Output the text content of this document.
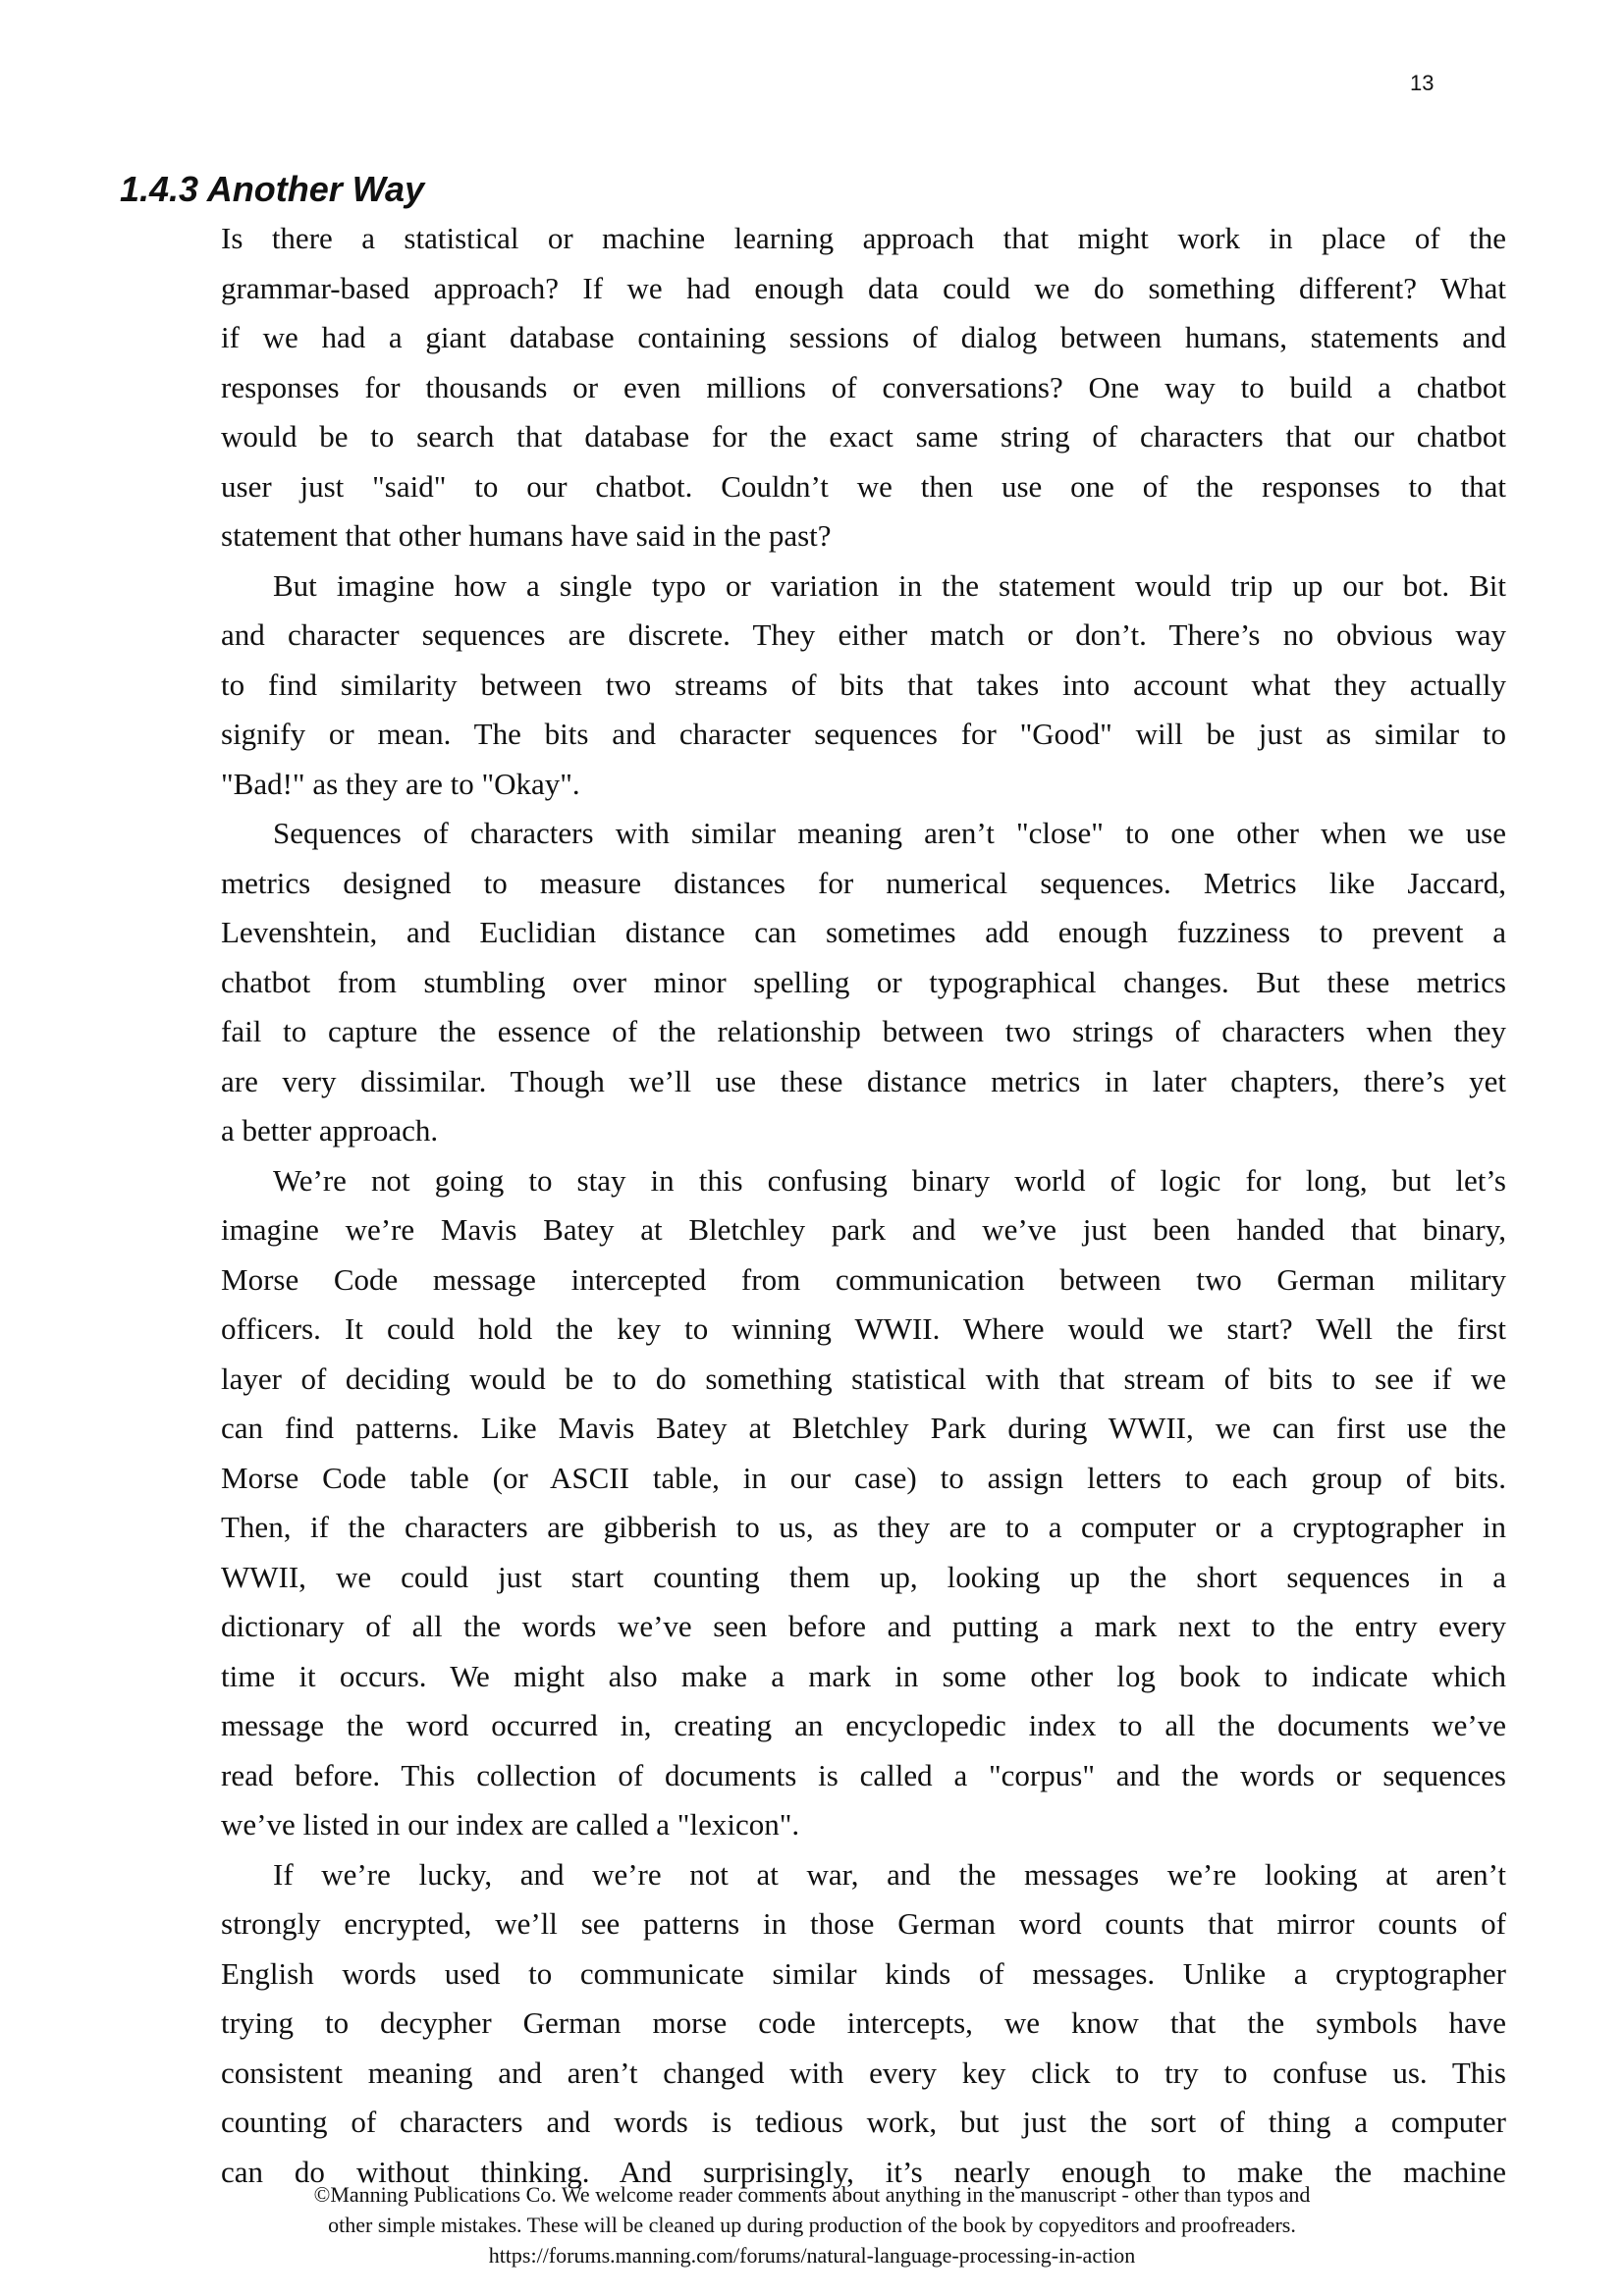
13
1.4.3 Another Way
Is there a statistical or machine learning approach that might work in place of the
grammar-based approach? If we had enough data could we do something different? What
if we had a giant database containing sessions of dialog between humans, statements and
responses for thousands or even millions of conversations? One way to build a chatbot
would be to search that database for the exact same string of characters that our chatbot
user just "said" to our chatbot. Couldn’t we then use one of the responses to that
statement that other humans have said in the past?
But imagine how a single typo or variation in the statement would trip up our bot. Bit
and character sequences are discrete. They either match or don’t. There’s no obvious way
to find similarity between two streams of bits that takes into account what they actually
signify or mean. The bits and character sequences for "Good" will be just as similar to
"Bad!" as they are to "Okay".
Sequences of characters with similar meaning aren’t "close" to one other when we use
metrics designed to measure distances for numerical sequences. Metrics like Jaccard,
Levenshtein, and Euclidian distance can sometimes add enough fuzziness to prevent a
chatbot from stumbling over minor spelling or typographical changes. But these metrics
fail to capture the essence of the relationship between two strings of characters when they
are very dissimilar. Though we’ll use these distance metrics in later chapters, there’s yet
a better approach.
We’re not going to stay in this confusing binary world of logic for long, but let’s
imagine we’re Mavis Batey at Bletchley park and we’ve just been handed that binary,
Morse Code message intercepted from communication between two German military
officers. It could hold the key to winning WWII. Where would we start? Well the first
layer of deciding would be to do something statistical with that stream of bits to see if we
can find patterns. Like Mavis Batey at Bletchley Park during WWII, we can first use the
Morse Code table (or ASCII table, in our case) to assign letters to each group of bits.
Then, if the characters are gibberish to us, as they are to a computer or a cryptographer in
WWII, we could just start counting them up, looking up the short sequences in a
dictionary of all the words we’ve seen before and putting a mark next to the entry every
time it occurs. We might also make a mark in some other log book to indicate which
message the word occurred in, creating an encyclopedic index to all the documents we’ve
read before. This collection of documents is called a "corpus" and the words or sequences
we’ve listed in our index are called a "lexicon".
If we’re lucky, and we’re not at war, and the messages we’re looking at aren’t
strongly encrypted, we’ll see patterns in those German word counts that mirror counts of
English words used to communicate similar kinds of messages. Unlike a cryptographer
trying to decypher German morse code intercepts, we know that the symbols have
consistent meaning and aren’t changed with every key click to try to confuse us. This
counting of characters and words is tedious work, but just the sort of thing a computer
can do without thinking. And surprisingly, it’s nearly enough to make the machine
©Manning Publications Co. We welcome reader comments about anything in the manuscript - other than typos and
other simple mistakes. These will be cleaned up during production of the book by copyeditors and proofreaders.
https://forums.manning.com/forums/natural-language-processing-in-action
